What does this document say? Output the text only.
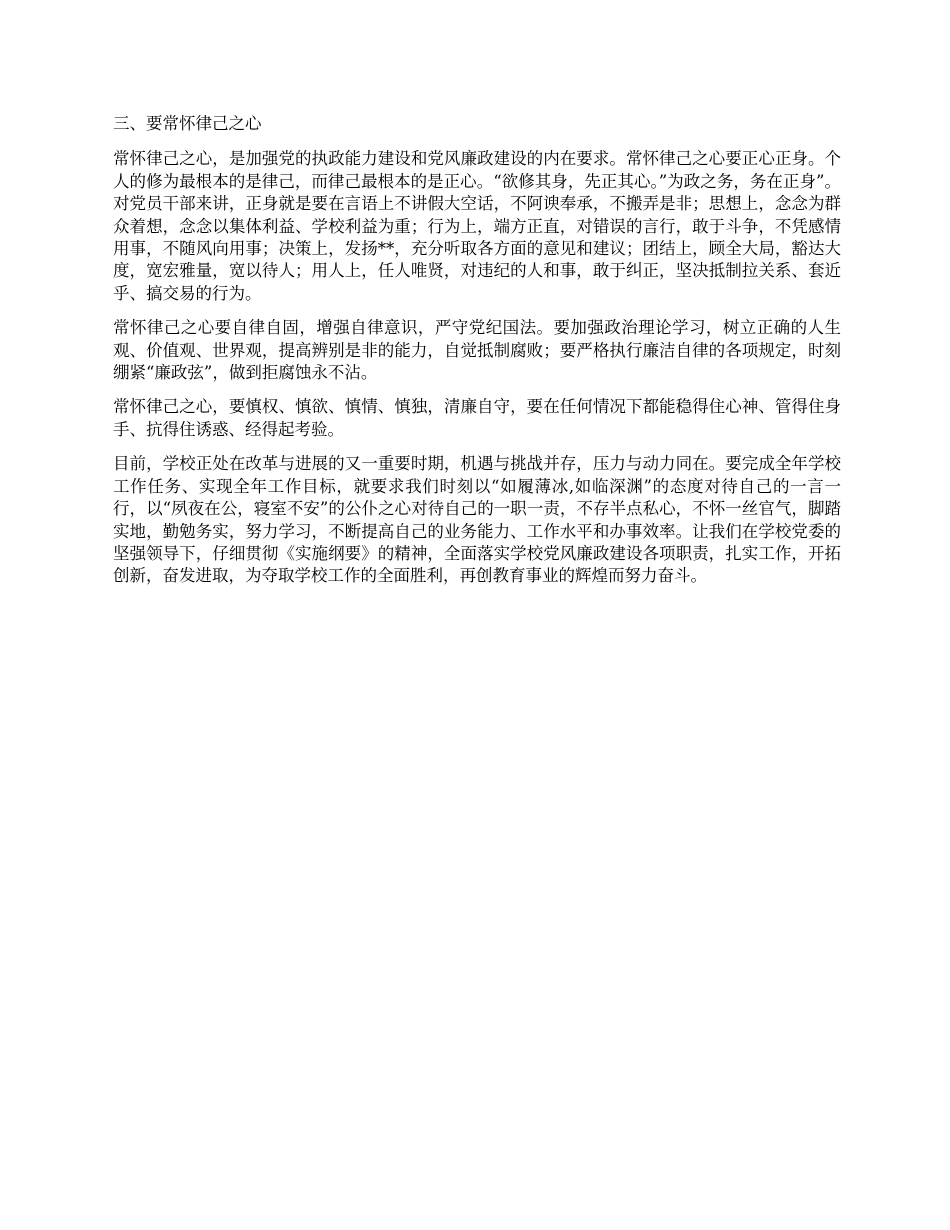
三、要常怀律己之心

常怀律己之心，是加强党的执政能力建设和党风廉政建设的内在要求。常怀律己之心要正心正身。个人的修为最根本的是律己，而律己最根本的是正心。“欲修其身，先正其心。”为政之务，务在正身”。对党员干部来讲，正身就是要在言语上不讲假大空话，不阿谀奉承，不搬弄是非；思想上，念念为群众着想，念念以集体利益、学校利益为重；行为上，端方正直，对错误的言行，敢于斗争，不凭感情用事，不随风向用事；决策上，发扬**，充分听取各方面的意见和建议；团结上，顾全大局，豁达大度，宽宏雅量，宽以待人；用人上，任人唯贤，对违纪的人和事，敢于纠正，坚决抵制拉关系、套近乎、搞交易的行为。

常怀律己之心要自律自固，增强自律意识，严守党纪国法。要加强政治理论学习，树立正确的人生观、价值观、世界观，提高辨别是非的能力，自觉抵制腐败；要严格执行廉洁自律的各项规定，时刻绷紧“廉政弦”，做到拒腐蚀永不沾。

常怀律己之心，要慎权、慎欲、慎情、慎独，清廉自守，要在任何情况下都能稳得住心神、管得住身手、抗得住诱惑、经得起考验。

目前，学校正处在改革与进展的又一重要时期，机遇与挑战并存，压力与动力同在。要完成全年学校工作任务、实现全年工作目标，就要求我们时刻以“如履薄冰,如临深渊”的态度对待自己的一言一行，以“夙夜在公，寝室不安”的公仆之心对待自己的一职一责，不存半点私心，不怀一丝官气，脚踏实地，勤勉务实，努力学习，不断提高自己的业务能力、工作水平和办事效率。让我们在学校党委的坚强领导下，仔细贯彻《实施纲要》的精神，全面落实学校党风廉政建设各项职责，扎实工作，开拓创新，奋发进取，为夺取学校工作的全面胜利，再创教育事业的辉煌而努力奋斗。
